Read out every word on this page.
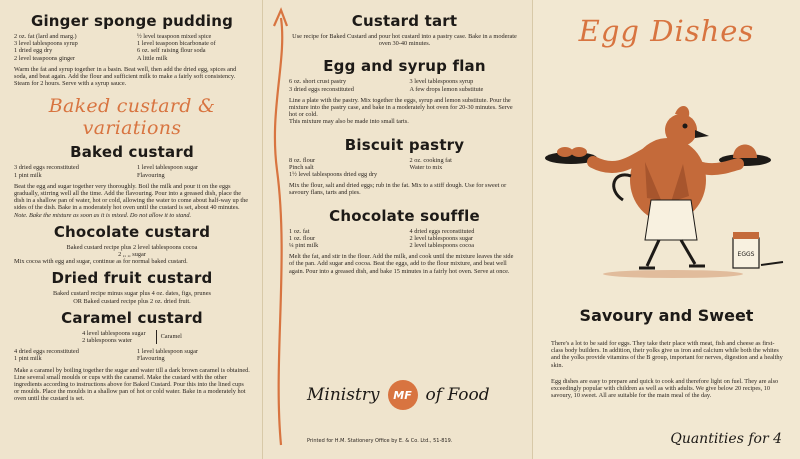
Ginger sponge pudding

2 oz. fat (lard and marg.)

3 level tablespoons syrup

1 dried egg dry

2 level teaspoons ginger

½ level teaspoon mixed spice

1 level teaspoon bicarbonate of

6 oz. self raising flour soda

A little milk

Warm the fat and syrup together in a basin. Beat well, then add the dried egg, spices and soda, and beat again. Add the flour and sufficient milk to make a fairly soft consistency. Steam for 2 hours. Serve with a syrup sauce.

Baked custard & variations
Baked custard

3 dried eggs reconstituted

1 pint milk

1 level tablespoon sugar

Flavouring

Beat the egg and sugar together very thoroughly. Boil the milk and pour it on the eggs gradually, stirring well all the time. Add the flavouring. Pour into a greased dish, place the dish in a shallow pan of water, hot or cold, allowing the water to come about half-way up the sides of the dish. Bake in a moderately hot oven until the custard is set, about 40 minutes.

Note. Bake the mixture as soon as it is mixed. Do not allow it to stand.

Chocolate custard

Baked custard recipe plus 2 level tablespoons cocoa

2 ,, ,, sugar

Mix cocoa with egg and sugar, continue as for normal baked custard.

Dried fruit custard

Baked custard recipe minus sugar plus 4 oz. dates, figs, prunes

OR Baked custard recipe plus 2 oz. dried fruit.

Caramel custard

4 level tablespoons sugar

2 tablespoons water

Caramel

4 dried eggs reconstituted

1 pint milk

1 level tablespoon sugar

Flavouring

Make a caramel by boiling together the sugar and water till a dark brown caramel is obtained. Line several small moulds or cups with the caramel. Make the custard with the other ingredients according to instructions above for Baked Custard. Pour this into the lined cups or moulds. Place the moulds in a shallow pan of hot or cold water. Bake in a moderately hot oven until the custard is set.

Custard tart

Use recipe for Baked Custard and pour hot custard into a pastry case. Bake in a moderate oven 30-40 minutes.

Egg and syrup flan

6 oz. short crust pastry

3 dried eggs reconstituted

3 level tablespoons syrup

A few drops lemon substitute

Line a plate with the pastry. Mix together the eggs, syrup and lemon substitute. Pour the mixture into the pastry case, and bake in a moderately hot oven for 20-30 minutes. Serve hot or cold.

This mixture may also be made into small tarts.

Biscuit pastry

8 oz. flour

Pinch salt

1½ level tablespoons dried egg dry

2 oz. cooking fat

Water to mix

Mix the flour, salt and dried eggs; rub in the fat. Mix to a stiff dough. Use for sweet or savoury flans, tarts and pies.

Chocolate souffle

1 oz. fat

1 oz. flour

¼ pint milk

4 dried eggs reconstituted

2 level tablespoons sugar

2 level tablespoons cocoa

Melt the fat, and stir in the flour. Add the milk, and cook until the mixture leaves the side of the pan. Add sugar and cocoa. Beat the eggs, add to the flour mixture, and beat well again. Pour into a greased dish, and bake 15 minutes in a fairly hot oven. Serve at once.

Ministry	MF of Food
Printed for H.M. Stationery Office by E. & Co. Ltd., 51-819.
Egg Dishes
EGGS
Savoury and Sweet

There's a lot to be said for eggs. They take their place with meat, fish and cheese as first-class body builders. In addition, their yolks give us iron and calcium while both the whites and the yolks provide vitamins of the B group, important for nerves, digestion and a healthy skin.

Egg dishes are easy to prepare and quick to cook and therefore light on fuel. They are also exceedingly popular with children as well as with adults. We give below 20 recipes, 10 savoury, 10 sweet. All are suitable for the main meal of the day.

Quantities for 4
